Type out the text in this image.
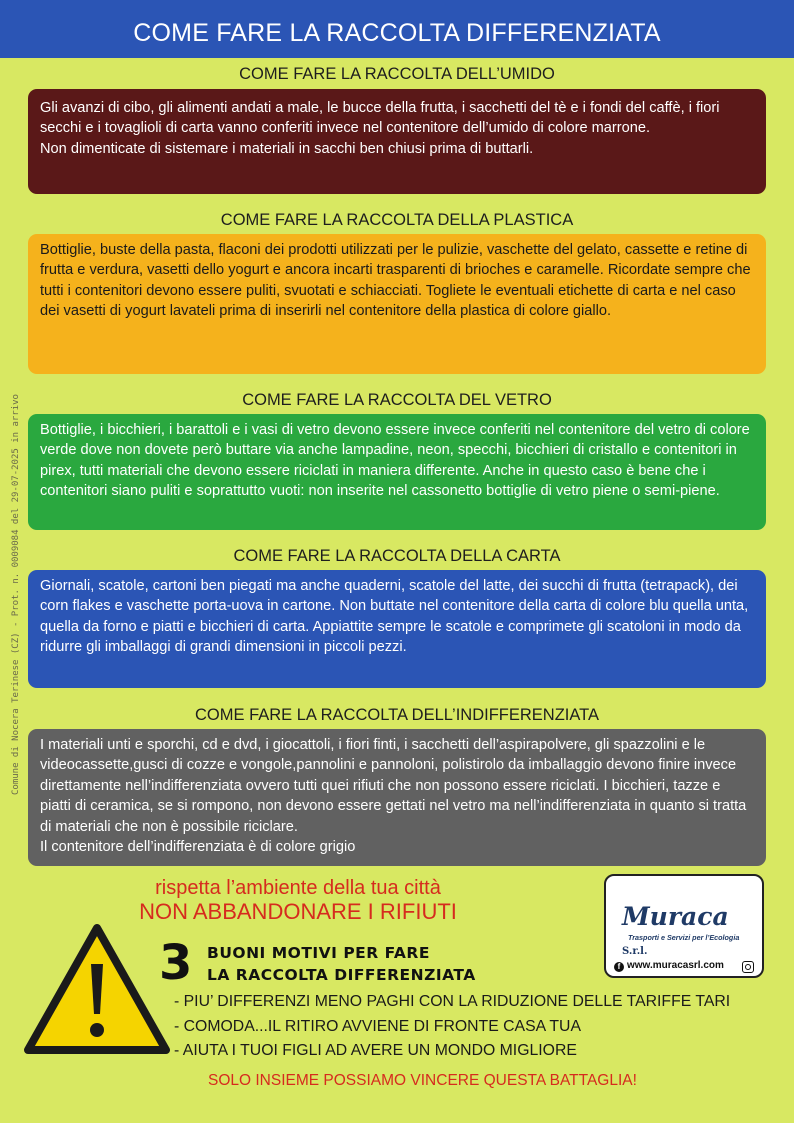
COME FARE LA RACCOLTA DIFFERENZIATA
Comune di Nocera Terinese (CZ) - Prot. n. 0009084 del 29-07-2025 in arrivo
COME FARE LA RACCOLTA DELL’UMIDO

Gli avanzi di cibo, gli alimenti andati a male, le bucce della frutta, i sacchetti del tè e i fondi del caffè, i fiori secchi e i tovaglioli di carta vanno conferiti invece nel contenitore dell’umido di colore marrone.

Non dimenticate di sistemare i materiali in sacchi ben chiusi prima di buttarli.

COME FARE LA RACCOLTA DELLA PLASTICA

Bottiglie, buste della pasta, flaconi dei prodotti utilizzati per le pulizie, vaschette del gelato, cassette e retine di frutta e verdura, vasetti dello yogurt e ancora incarti trasparenti di brioches e caramelle. Ricordate sempre che tutti i contenitori devono essere puliti, svuotati e schiacciati. Togliete le eventuali etichette di carta e nel caso dei vasetti di yogurt lavateli prima di inserirli nel contenitore della plastica di colore giallo.

COME FARE LA RACCOLTA DEL VETRO

Bottiglie, i bicchieri, i barattoli e i vasi di vetro devono essere invece conferiti nel contenitore del vetro di colore verde dove non dovete però buttare via anche lampadine, neon, specchi, bicchieri di cristallo e contenitori in pirex, tutti materiali che devono essere riciclati in maniera differente. Anche in questo caso è bene che i contenitori siano puliti e soprattutto vuoti: non inserite nel cassonetto bottiglie di vetro piene o semi-piene.

COME FARE LA RACCOLTA DELLA CARTA

Giornali, scatole, cartoni ben piegati ma anche quaderni, scatole del latte, dei succhi di frutta (tetrapack), dei corn flakes e vaschette porta-uova in cartone. Non buttate nel contenitore della carta di colore blu quella unta, quella da forno e piatti e bicchieri di carta. Appiattite sempre le scatole e comprimete gli scatoloni in modo da ridurre gli imballaggi di grandi dimensioni in piccoli pezzi.

COME FARE LA RACCOLTA DELL’INDIFFERENZIATA

I materiali unti e sporchi, cd e dvd, i giocattoli, i fiori finti, i sacchetti dell’aspirapolvere, gli spazzolini e le videocassette,gusci di cozze e vongole,pannolini e pannoloni, polistirolo da imballaggio devono finire invece direttamente nell’indifferenziata ovvero tutti quei rifiuti che non possono essere riciclati. I bicchieri, tazze e piatti di ceramica, se si rompono, non devono essere gettati nel vetro ma nell’indifferenziata in quanto si tratta di materiali che non è possibile riciclare.

Il contenitore dell’indifferenziata è di colore grigio

rispetta l’ambiente della tua città
NON ABBANDONARE I RIFIUTI
3 BUONI MOTIVI PER FARE
LA RACCOLTA DIFFERENZIATA
- PIU’ DIFFERENZI MENO PAGHI CON LA RIDUZIONE DELLE TARIFFE TARI
- COMODA...IL RITIRO AVVIENE DI FRONTE CASA TUA
- AIUTA I TUOI FIGLI AD AVERE UN MONDO MIGLIORE
SOLO INSIEME POSSIAMO VINCERE QUESTA BATTAGLIA!
Muraca S.r.l.
Trasporti e Servizi per l’Ecologia
f www.muracasrl.com
